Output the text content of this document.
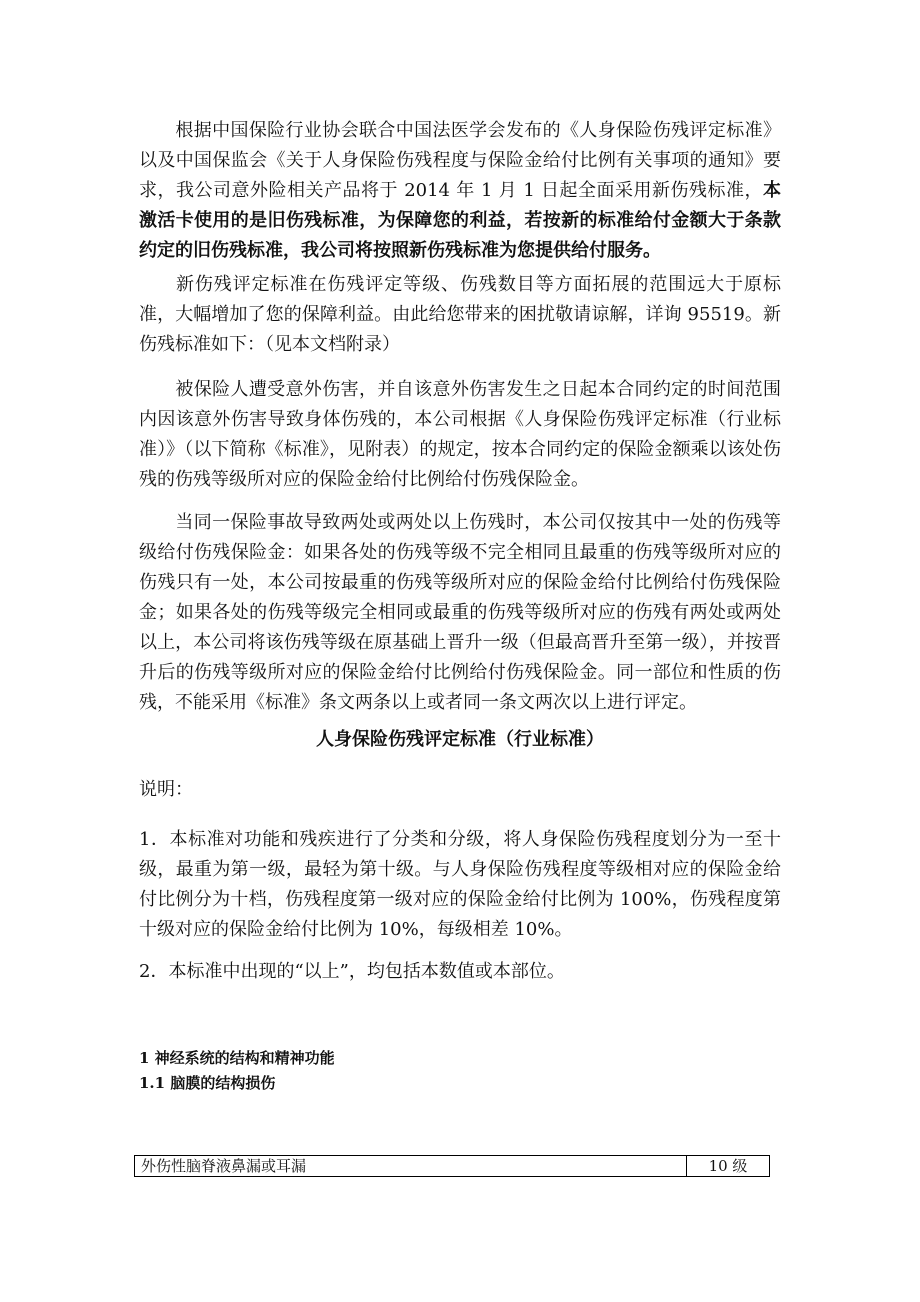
根据中国保险行业协会联合中国法医学会发布的《人身保险伤残评定标准》以及中国保监会《关于人身保险伤残程度与保险金给付比例有关事项的通知》要求，我公司意外险相关产品将于 2014 年 1 月 1 日起全面采用新伤残标准，本激活卡使用的是旧伤残标准，为保障您的利益，若按新的标准给付金额大于条款约定的旧伤残标准，我公司将按照新伤残标准为您提供给付服务。

新伤残评定标准在伤残评定等级、伤残数目等方面拓展的范围远大于原标准，大幅增加了您的保障利益。由此给您带来的困扰敬请谅解，详询 95519。新伤残标准如下：（见本文档附录）

被保险人遭受意外伤害，并自该意外伤害发生之日起本合同约定的时间范围内因该意外伤害导致身体伤残的，本公司根据《人身保险伤残评定标准（行业标准）》（以下简称《标准》，见附表）的规定，按本合同约定的保险金额乘以该处伤残的伤残等级所对应的保险金给付比例给付伤残保险金。

当同一保险事故导致两处或两处以上伤残时，本公司仅按其中一处的伤残等级给付伤残保险金：如果各处的伤残等级不完全相同且最重的伤残等级所对应的伤残只有一处，本公司按最重的伤残等级所对应的保险金给付比例给付伤残保险金；如果各处的伤残等级完全相同或最重的伤残等级所对应的伤残有两处或两处以上，本公司将该伤残等级在原基础上晋升一级（但最高晋升至第一级），并按晋升后的伤残等级所对应的保险金给付比例给付伤残保险金。同一部位和性质的伤残，不能采用《标准》条文两条以上或者同一条文两次以上进行评定。

人身保险伤残评定标准（行业标准）

说明：

1．本标准对功能和残疾进行了分类和分级，将人身保险伤残程度划分为一至十级，最重为第一级，最轻为第十级。与人身保险伤残程度等级相对应的保险金给付比例分为十档，伤残程度第一级对应的保险金给付比例为 100%，伤残程度第十级对应的保险金给付比例为 10%，每级相差 10%。

2．本标准中出现的“以上”，均包括本数值或本部位。

1 神经系统的结构和精神功能
1.1 脑膜的结构损伤
外伤性脑脊液鼻漏或耳漏	10 级
